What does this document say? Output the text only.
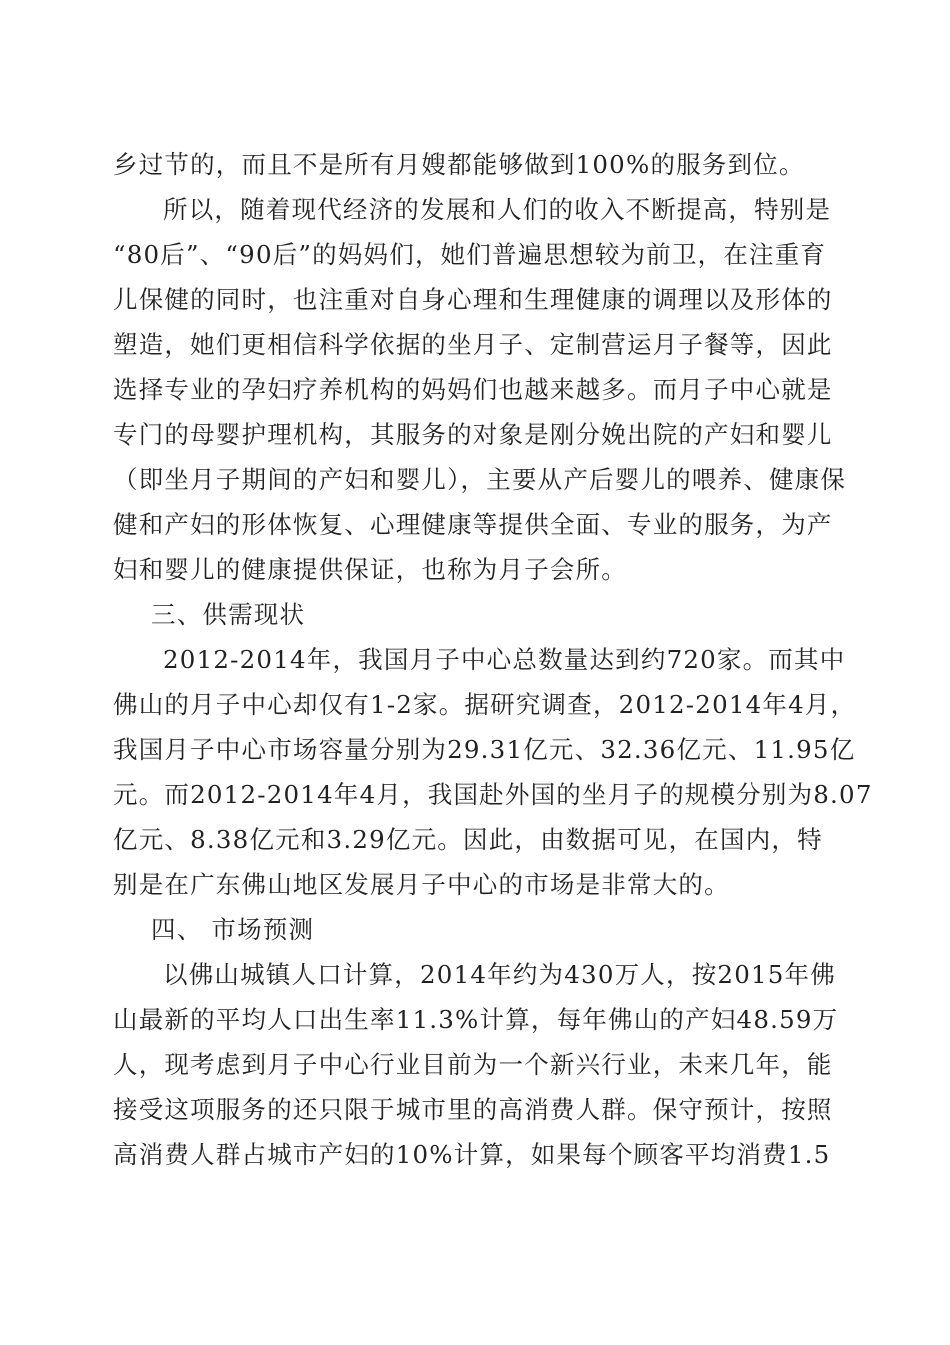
乡过节的，而且不是所有月嫂都能够做到100%的服务到位。
所以，随着现代经济的发展和人们的收入不断提高，特别是
“80后”、“90后”的妈妈们，她们普遍思想较为前卫，在注重育
儿保健的同时，也注重对自身心理和生理健康的调理以及形体的
塑造，她们更相信科学依据的坐月子、定制营运月子餐等，因此
选择专业的孕妇疗养机构的妈妈们也越来越多。而月子中心就是
专门的母婴护理机构，其服务的对象是刚分娩出院的产妇和婴儿
（即坐月子期间的产妇和婴儿），主要从产后婴儿的喂养、健康保
健和产妇的形体恢复、心理健康等提供全面、专业的服务，为产
妇和婴儿的健康提供保证，也称为月子会所。
三、供需现状
2012-2014年，我国月子中心总数量达到约720家。而其中
佛山的月子中心却仅有1-2家。据研究调查，2012-2014年4月，
我国月子中心市场容量分别为29.31亿元、32.36亿元、11.95亿
元。而2012-2014年4月，我国赴外国的坐月子的规模分别为8.07
亿元、8.38亿元和3.29亿元。因此，由数据可见，在国内，特
别是在广东佛山地区发展月子中心的市场是非常大的。
四、 市场预测
以佛山城镇人口计算，2014年约为430万人，按2015年佛
山最新的平均人口出生率11.3%计算，每年佛山的产妇48.59万
人，现考虑到月子中心行业目前为一个新兴行业，未来几年，能
接受这项服务的还只限于城市里的高消费人群。保守预计，按照
高消费人群占城市产妇的10%计算，如果每个顾客平均消费1.5
